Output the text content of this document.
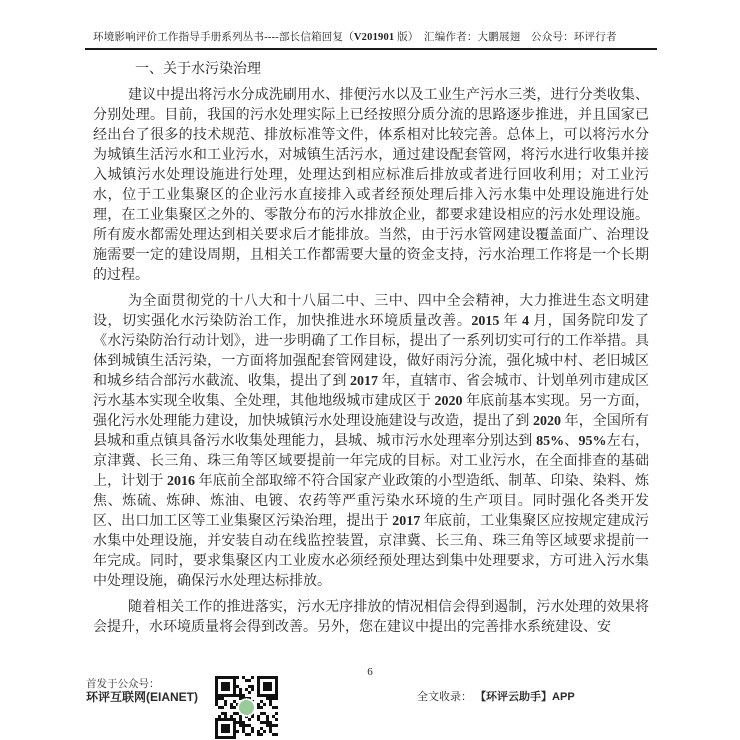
环境影响评价工作指导手册系列丛书----部长信箱回复（V201901 版）　汇编作者：大鹏展翅　公众号：环评行者

一、关于水污染治理

建议中提出将污水分成洗刷用水、排便污水以及工业生产污水三类，进行分类收集、分别处理。目前，我国的污水处理实际上已经按照分质分流的思路逐步推进，并且国家已经出台了很多的技术规范、排放标准等文件，体系相对比较完善。总体上，可以将污水分为城镇生活污水和工业污水，对城镇生活污水，通过建设配套管网，将污水进行收集并接入城镇污水处理设施进行处理，处理达到相应标准后排放或者进行回收利用；对工业污水，位于工业集聚区的企业污水直接排入或者经预处理后排入污水集中处理设施进行处理，在工业集聚区之外的、零散分布的污水排放企业，都要求建设相应的污水处理设施。所有废水都需处理达到相关要求后才能排放。当然，由于污水管网建设覆盖面广、治理设施需要一定的建设周期，且相关工作都需要大量的资金支持，污水治理工作将是一个长期的过程。

为全面贯彻党的十八大和十八届二中、三中、四中全会精神，大力推进生态文明建设，切实强化水污染防治工作，加快推进水环境质量改善。2015 年 4 月，国务院印发了《水污染防治行动计划》，进一步明确了工作目标，提出了一系列切实可行的工作举措。具体到城镇生活污染，一方面将加强配套管网建设，做好雨污分流，强化城中村、老旧城区和城乡结合部污水截流、收集，提出了到 2017 年，直辖市、省会城市、计划单列市建成区污水基本实现全收集、全处理，其他地级城市建成区于 2020 年底前基本实现。另一方面，强化污水处理能力建设，加快城镇污水处理设施建设与改造，提出了到 2020 年，全国所有县城和重点镇具备污水收集处理能力，县城、城市污水处理率分别达到 85%、95%左右，京津冀、长三角、珠三角等区域要提前一年完成的目标。对工业污水，在全面排查的基础上，计划于 2016 年底前全部取缔不符合国家产业政策的小型造纸、制革、印染、染料、炼焦、炼硫、炼砷、炼油、电镀、农药等严重污染水环境的生产项目。同时强化各类开发区、出口加工区等工业集聚区污染治理，提出于 2017 年底前，工业集聚区应按规定建成污水集中处理设施，并安装自动在线监控装置，京津冀、长三角、珠三角等区域要求提前一年完成。同时，要求集聚区内工业废水必须经预处理达到集中处理要求，方可进入污水集中处理设施，确保污水处理达标排放。

随着相关工作的推进落实，污水无序排放的情况相信会得到遏制，污水处理的效果将会提升，水环境质量将会得到改善。另外，您在建议中提出的完善排水系统建设、安

6
首发于公众号：
环评互联网(EIANET)	全文收录： 【环评云助手】APP
